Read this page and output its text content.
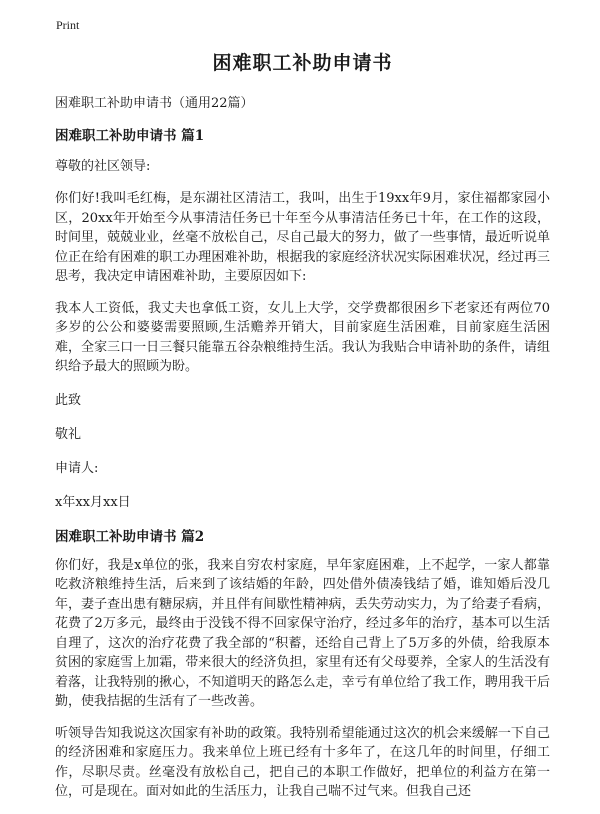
Print
困难职工补助申请书
困难职工补助申请书（通用22篇）
困难职工补助申请书 篇1
尊敬的社区领导:

你们好!我叫毛红梅，是东湖社区清洁工，我叫，出生于19xx年9月，家住福都家园小区，20xx年开始至今从事清洁任务已十年至今从事清洁任务已十年，在工作的这段，时间里，兢兢业业，丝毫不放松自己，尽自己最大的努力，做了一些事情，最近听说单位正在给有困难的职工办理困难补助，根据我的家庭经济状况实际困难状况，经过再三思考，我决定申请困难补助，主要原因如下:

我本人工资低，我丈夫也拿低工资，女儿上大学，交学费都很困乡下老家还有两位70多岁的公公和婆婆需要照顾,生活赡养开销大，目前家庭生活困难，目前家庭生活困难，全家三口一日三餐只能靠五谷杂粮维持生活。我认为我贴合申请补助的条件，请组织给予最大的照顾为盼。

此致
敬礼
申请人:
x年xx月xx日
困难职工补助申请书 篇2

你们好，我是x单位的张，我来自穷农村家庭，早年家庭困难，上不起学，一家人都靠吃救济粮维持生活，后来到了该结婚的年龄，四处借外债凑钱结了婚，谁知婚后没几年，妻子查出患有糖尿病，并且伴有间歇性精神病，丢失劳动实力，为了给妻子看病，花费了2万多元，最终由于没钱不得不回家保守治疗，经过多年的治疗，基本可以生活自理了，这次的治疗花费了我全部的“积蓄，还给自己背上了5万多的外债，给我原本贫困的家庭雪上加霜，带来很大的经济负担，家里有还有父母要养，全家人的生活没有着落，让我特别的揪心，不知道明天的路怎么走，幸亏有单位给了我工作，聘用我干后勤，使我拮据的生活有了一些改善。

听领导告知我说这次国家有补助的政策。我特别希望能通过这次的机会来缓解一下自己的经济困难和家庭压力。我来单位上班已经有十多年了，在这几年的时间里，仔细工作，尽职尽责。丝毫没有放松自己，把自己的本职工作做好，把单位的利益方在第一位，可是现在。面对如此的生活压力，让我自己喘不过气来。但我自己还
